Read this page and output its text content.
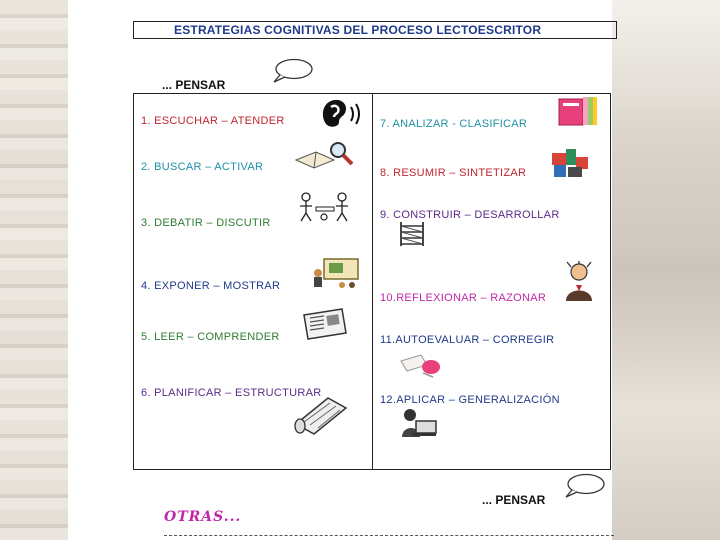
ESTRATEGIAS COGNITIVAS DEL PROCESO LECTOESCRITOR
... PENSAR
1. ESCUCHAR – ATENDER
2. BUSCAR – ACTIVAR
3. DEBATIR – DISCUTIR
4. EXPONER – MOSTRAR
5. LEER – COMPRENDER
6. PLANIFICAR – ESTRUCTURAR
7. ANALIZAR - CLASIFICAR
8. RESUMIR – SINTETIZAR
9. CONSTRUIR – DESARROLLAR
10.REFLEXIONAR – RAZONAR
11.AUTOEVALUAR – CORREGIR
12.APLICAR – GENERALIZACIÓN
... PENSAR
OTRAS...
